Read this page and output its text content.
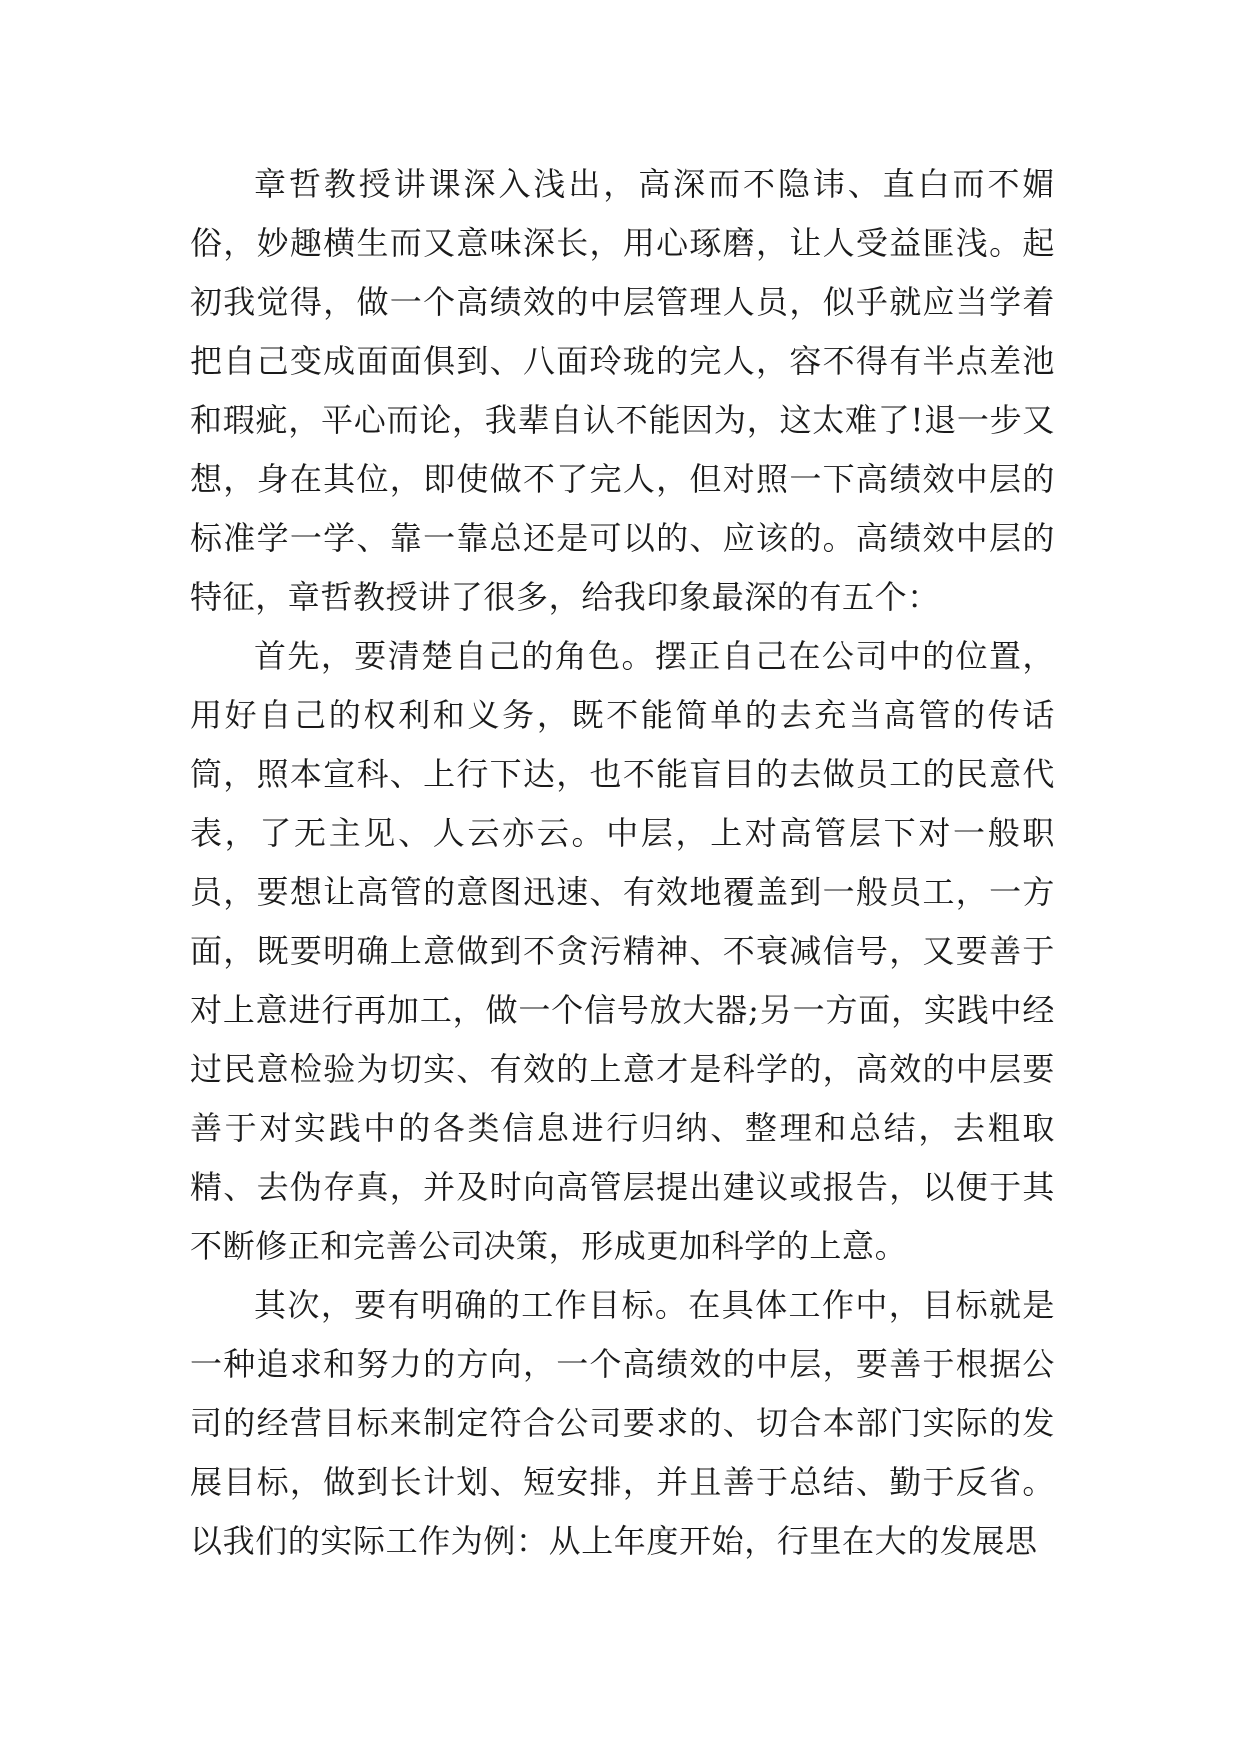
章哲教授讲课深入浅出，高深而不隐讳、直白而不媚俗，妙趣横生而又意味深长，用心琢磨，让人受益匪浅。起初我觉得，做一个高绩效的中层管理人员，似乎就应当学着把自己变成面面俱到、八面玲珑的完人，容不得有半点差池和瑕疵，平心而论，我辈自认不能因为，这太难了!退一步又想，身在其位，即使做不了完人，但对照一下高绩效中层的标准学一学、靠一靠总还是可以的、应该的。高绩效中层的特征，章哲教授讲了很多，给我印象最深的有五个：

首先，要清楚自己的角色。摆正自己在公司中的位置，用好自己的权利和义务，既不能简单的去充当高管的传话筒，照本宣科、上行下达，也不能盲目的去做员工的民意代表，了无主见、人云亦云。中层，上对高管层下对一般职员，要想让高管的意图迅速、有效地覆盖到一般员工，一方面，既要明确上意做到不贪污精神、不衰减信号，又要善于对上意进行再加工，做一个信号放大器;另一方面，实践中经过民意检验为切实、有效的上意才是科学的，高效的中层要善于对实践中的各类信息进行归纳、整理和总结，去粗取精、去伪存真，并及时向高管层提出建议或报告，以便于其不断修正和完善公司决策，形成更加科学的上意。

其次，要有明确的工作目标。在具体工作中，目标就是一种追求和努力的方向，一个高绩效的中层，要善于根据公司的经营目标来制定符合公司要求的、切合本部门实际的发展目标，做到长计划、短安排，并且善于总结、勤于反省。以我们的实际工作为例：从上年度开始，行里在大的发展思
